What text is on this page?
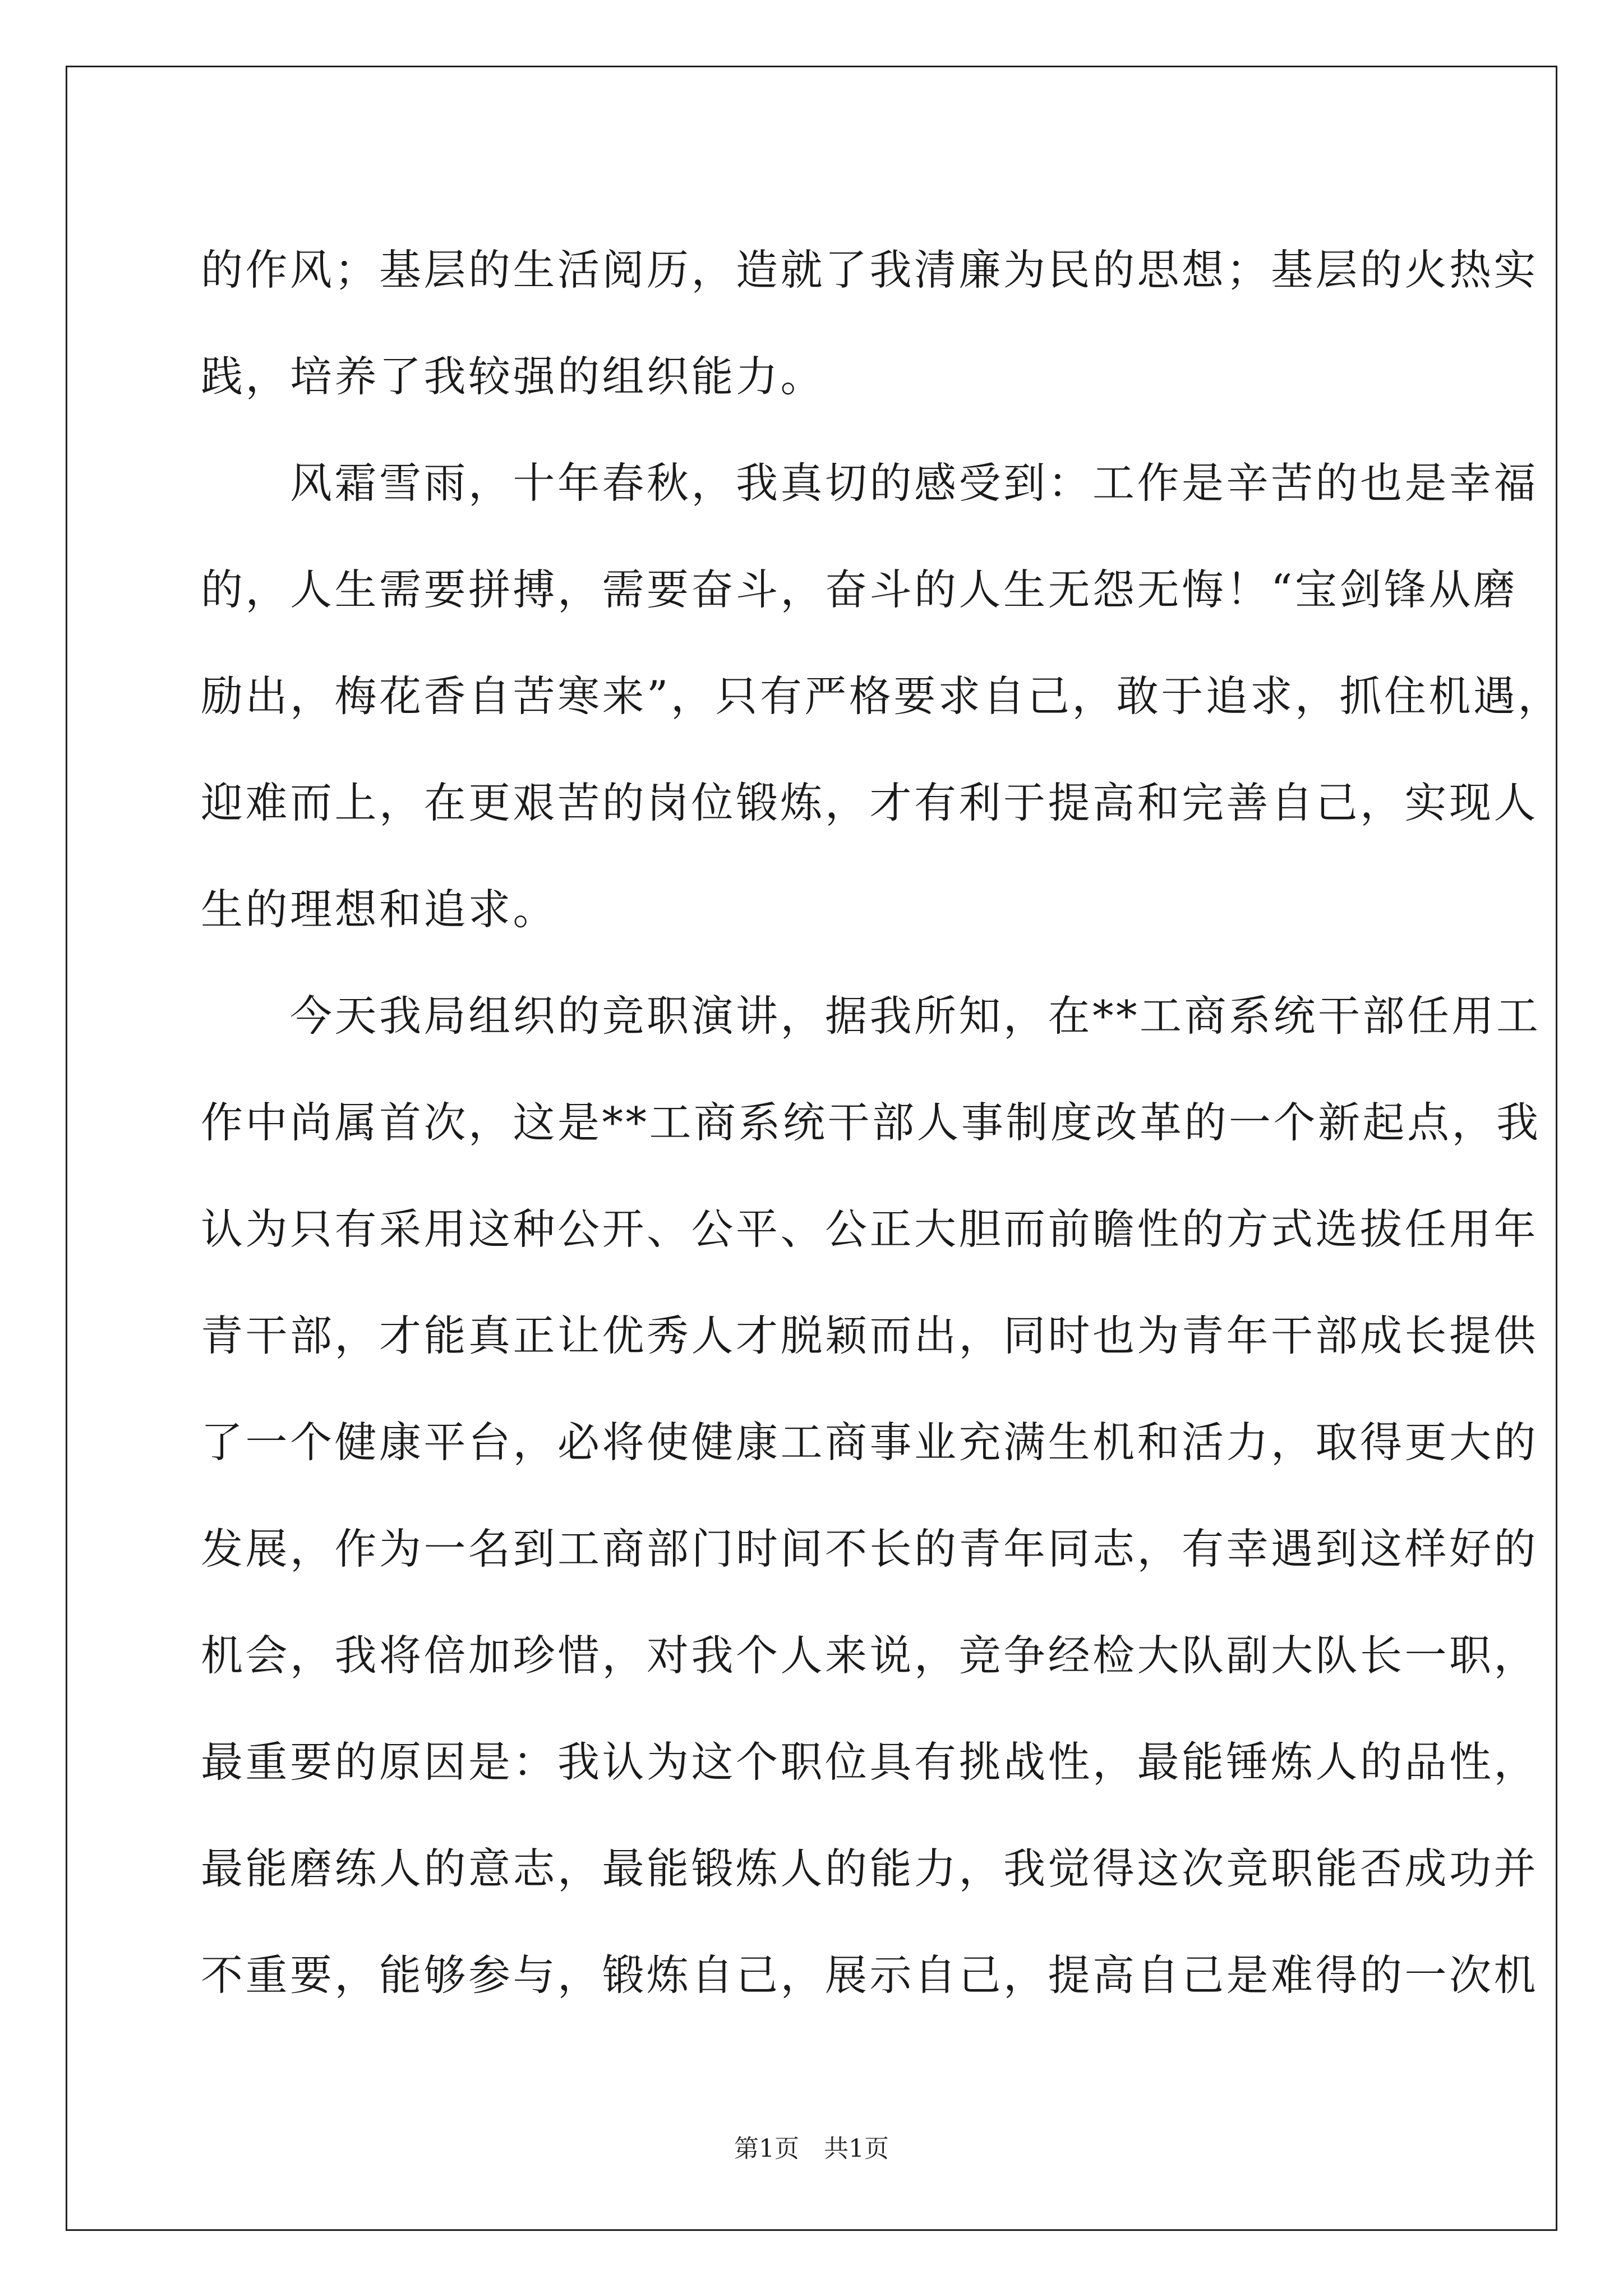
的作风；基层的生活阅历，造就了我清廉为民的思想；基层的火热实
践，培养了我较强的组织能力。
　　风霜雪雨，十年春秋，我真切的感受到：工作是辛苦的也是幸福
的，人生需要拼搏，需要奋斗，奋斗的人生无怨无悔！“宝剑锋从磨
励出，梅花香自苦寒来”，只有严格要求自己，敢于追求，抓住机遇，
迎难而上，在更艰苦的岗位锻炼，才有利于提高和完善自己，实现人
生的理想和追求。
　　今天我局组织的竞职演讲，据我所知，在**工商系统干部任用工
作中尚属首次，这是**工商系统干部人事制度改革的一个新起点，我
认为只有采用这种公开、公平、公正大胆而前瞻性的方式选拔任用年
青干部，才能真正让优秀人才脱颖而出，同时也为青年干部成长提供
了一个健康平台，必将使健康工商事业充满生机和活力，取得更大的
发展，作为一名到工商部门时间不长的青年同志，有幸遇到这样好的
机会，我将倍加珍惜，对我个人来说，竞争经检大队副大队长一职，
最重要的原因是：我认为这个职位具有挑战性，最能锤炼人的品性，
最能磨练人的意志，最能锻炼人的能力，我觉得这次竞职能否成功并
不重要，能够参与，锻炼自己，展示自己，提高自己是难得的一次机
第1页　共1页
